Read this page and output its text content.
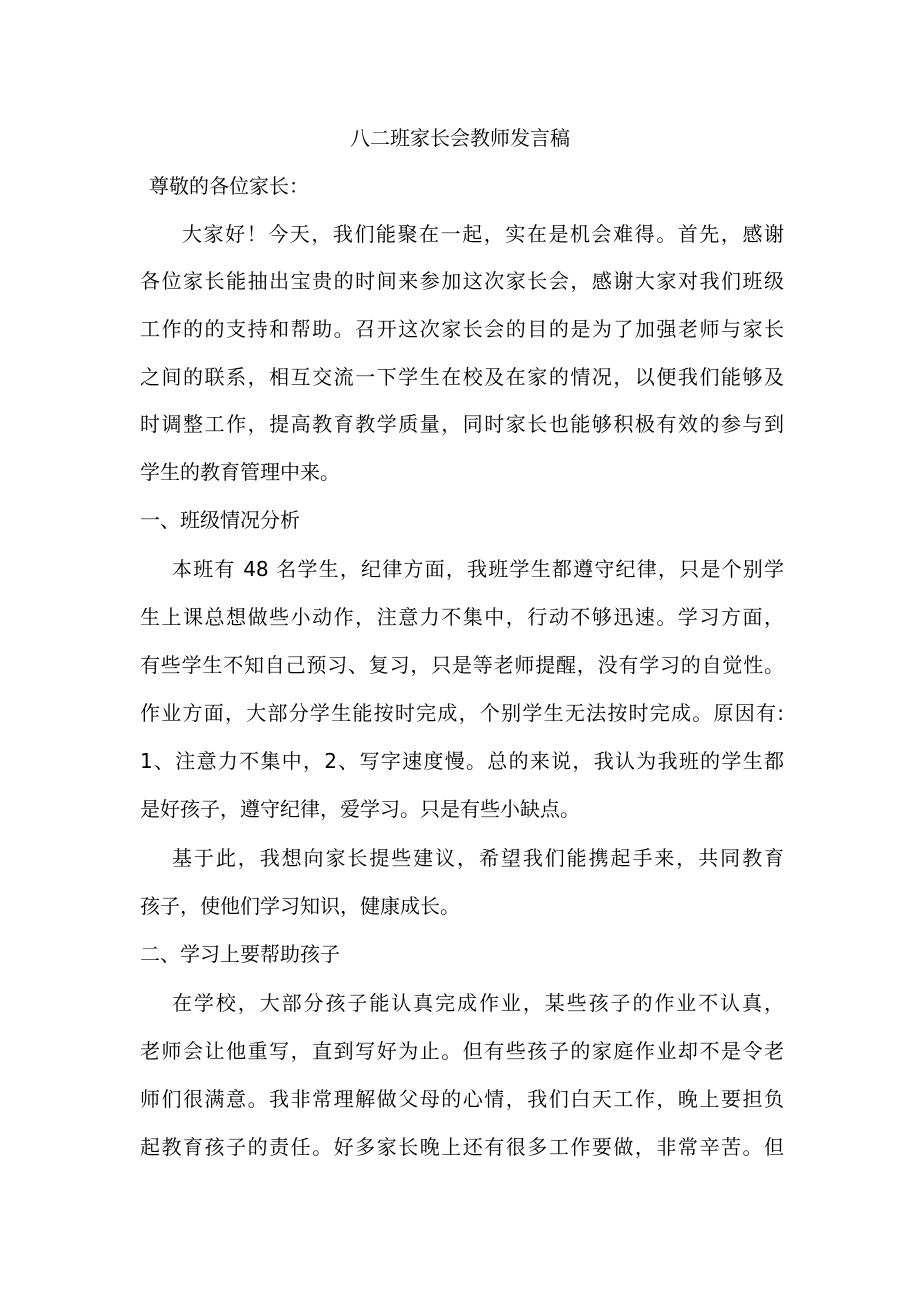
八二班家长会教师发言稿
尊敬的各位家长：
大家好！今天，我们能聚在一起，实在是机会难得。首先，感谢
各位家长能抽出宝贵的时间来参加这次家长会，感谢大家对我们班级
工作的的支持和帮助。召开这次家长会的目的是为了加强老师与家长
之间的联系，相互交流一下学生在校及在家的情况，以便我们能够及
时调整工作，提高教育教学质量，同时家长也能够积极有效的参与到
学生的教育管理中来。
一、班级情况分析
本班有 48 名学生，纪律方面，我班学生都遵守纪律，只是个别学
生上课总想做些小动作，注意力不集中，行动不够迅速。学习方面，
有些学生不知自己预习、复习，只是等老师提醒，没有学习的自觉性。
作业方面，大部分学生能按时完成，个别学生无法按时完成。原因有:
1、注意力不集中，2、写字速度慢。总的来说，我认为我班的学生都
是好孩子，遵守纪律，爱学习。只是有些小缺点。
基于此，我想向家长提些建议，希望我们能携起手来，共同教育
孩子，使他们学习知识，健康成长。
二、学习上要帮助孩子
在学校，大部分孩子能认真完成作业，某些孩子的作业不认真，
老师会让他重写，直到写好为止。但有些孩子的家庭作业却不是令老
师们很满意。我非常理解做父母的心情，我们白天工作，晚上要担负
起教育孩子的责任。好多家长晚上还有很多工作要做，非常辛苦。但
